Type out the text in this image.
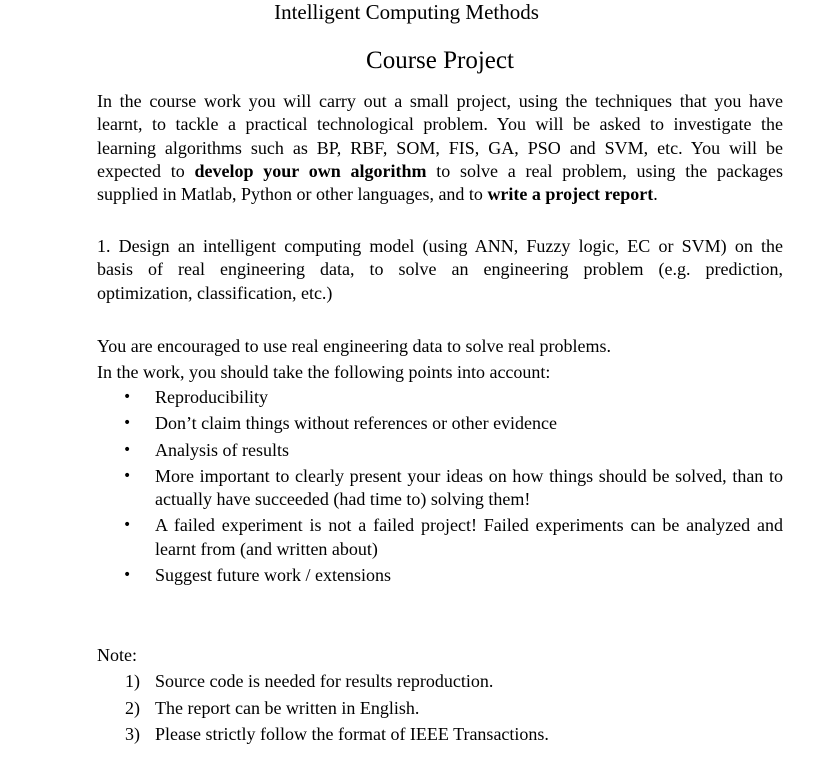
Intelligent Computing Methods
Course Project
In the course work you will carry out a small project, using the techniques that you have
learnt, to tackle a practical technological problem. You will be asked to investigate the
learning algorithms such as BP, RBF, SOM, FIS, GA, PSO and SVM, etc. You will be
expected to develop your own algorithm to solve a real problem, using the packages
supplied in Matlab, Python or other languages, and to write a project report.
1. Design an intelligent computing model (using ANN, Fuzzy logic, EC or SVM) on the
basis of real engineering data, to solve an engineering problem (e.g. prediction,
optimization, classification, etc.)
You are encouraged to use real engineering data to solve real problems.
In the work, you should take the following points into account:
• Reproducibility
• Don’t claim things without references or other evidence
• Analysis of results
• More important to clearly present your ideas on how things should be solved, than to actually have succeeded (had time to) solving them!
• A failed experiment is not a failed project! Failed experiments can be analyzed and learnt from (and written about)
• Suggest future work / extensions
Note:
1) Source code is needed for results reproduction.
2) The report can be written in English.
3) Please strictly follow the format of IEEE Transactions.
